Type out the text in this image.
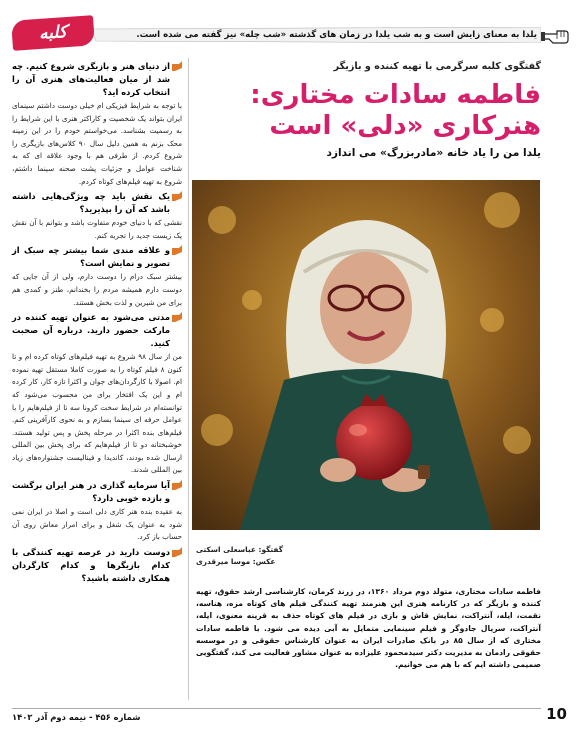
یلدا به معنای زایش است و به شب یلدا در زمان های گذشته «شب چله» نیز گفته می شده است.
کلبه

از دنیای هنر و بازیگری شروع کنیم. چه شد از میان فعالیت‌های هنری آن را انتخاب کرده اید؟

با توجه به شرایط فیزیکی ام خیلی دوست داشتم سینمای ایران بتواند یک شخصیت و کاراکتر هنری با این شرایط را به رسمیت بشناسد. می‌خواستم خودم را در این زمینه محک بزنم به همین دلیل سال ۹۰ کلاس‌های بازیگری را شروع کردم. از طرفی هم با وجود علاقه ای که به شناخت عوامل و جزئیات پشت صحنه سینما داشتم، شروع به تهیه فیلم‌های کوتاه کردم.

یک نقش باید چه ویژگی‌هایی داشته باشد که آن را بپذیرید؟

نقشی که با دنیای خودم متفاوت باشد و بتوانم با آن نقش یک زیست جدید را تجربه کنم.

و علاقه مندی شما بیشتر چه سبک از تصویر و نمایش است؟

بیشتر سبک درام را دوست دارم، ولی از آن جایی که دوست دارم همیشه مردم را بخندانم، طنز و کمدی هم برای من شیرین و لذت بخش هستند.

مدتی می‌شود به عنوان تهیه کننده در مارکت حضور دارید. درباره آن صحبت کنید.

من از سال ۹۸ شروع به تهیه فیلم‌های کوتاه کرده ام و تا کنون ۸ فیلم کوتاه را به صورت کاملا مستقل تهیه نموده ام. اصولا با کارگردان‌های جوان و اکثرا تازه کار، کار کرده ام و این یک افتخار برای من محسوب می‌شود که توانسته‌ام در شرایط سخت کرونا سه تا از فیلم‌هایم را با عوامل حرفه ای سینما بسازم و به نحوی کارآفرینی کنم. فیلم‌های بنده اکثرا در مرحله پخش و پس تولید هستند. خوشبختانه دو تا از فیلم‌هایم که برای پخش بین المللی ارسال شده بودند، کاندیدا و فینالیست جشنواره‌های زیاد بین المللی شدند.

آیا سرمایه گذاری در هنر ایران برگشت و بازده خوبی دارد؟

به عقیده بنده هنر کاری دلی است و اصلا در ایران نمی شود به عنوان یک شغل و برای امرار معاش روی آن حساب باز کرد.

دوست دارید در عرصه تهیه کنندگی با کدام بازیگرها و کدام کارگردان همکاری داشته باشید؟

گفتگوی کلبه سرگرمی با تهیه کننده و بازیگر

فاطمه سادات مختاری:
هنرکاری «دلی» است

یلدا من را یاد خانه «مادربزرگ» می اندازد

گفتگو: عباسعلی اسکتی

عکس: موسا میرقدری

فاطمه سادات مختاری، متولد دوم مرداد ۱۳۶۰، در زرند کرمان، کارشناسی ارشد حقوق، تهیه کننده و بازیگر که در کارنامه هنری این هنرمند تهیه کنندگی فیلم های کوتاه مزه، هناسه، نقمت، ایله، آنتراکت، نمایش قاش و بازی در فیلم های کوتاه حذف به قرینه معنوی، ایله، آنتراکت، سریال جادوگر و فیلم سینمایی متمایل به آبی دیده می شود. با فاطمه سادات مختاری که از سال ۸۵ در بانک صادرات ایران به عنوان کارشناس حقوقی و در موسسه حقوقی رادمان به مدیریت دکتر سیدمحمود علیزاده به عنوان مشاور فعالیت می کند، گفتگویی صمیمی داشته ایم که با هم می خوانیم.

شماره ۴۵۶ - نیمه دوم آذر ۱۴۰۲	10
